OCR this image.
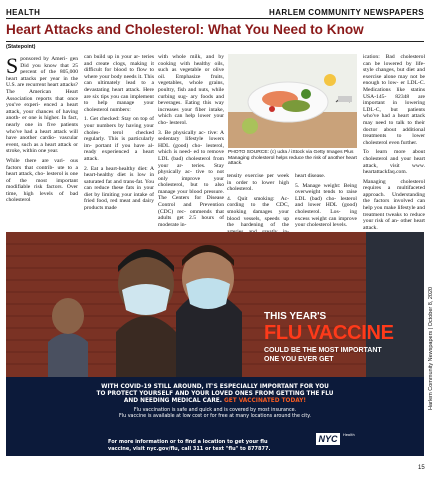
HEALTH	HARLEM COMMUNITY NEWSPAPERS
Heart Attacks and Cholesterol: What You Need to Know
(Statepoint)

Sponsored by Ameri- gen Did you know that 25 percent of the 805,000 heart attacks per year in the U.S. are recurrent heart attacks? The American Heart Association reports that once you've experi- enced a heart attack, your chances of having anoth- er one is higher. In fact, nearly one in five patients who've had a heart attack will have another cardio- vascular event, such as a heart attack or stroke, within one year.

While there are vari- ous factors that contrib- ute to a heart attack, cho- lesterol is one of the most important modifiable risk factors. Over time, high levels of bad cholesterol

can build up in your ar- teries and create clogs, making it difficult for blood to flow to where your body needs it. This can ultimately lead to a devastating heart attack. Here are six tips you can implement to help manage your cholesterol numbers:

1. Get checked: Stay on top of your numbers by having your choles- terol checked regularly. This is particularly im- portant if you have al- ready experienced a heart attack.

2. Eat a heart-healthy diet: A heart-healthy diet is low in saturated fat and trans-fat. You can reduce these fats in your diet by limiting your intake of fried food, red meat and dairy products made

with whole milk, and by cooking with healthy oils, such as vegetable or olive oil. Emphasize fruits, vegetables, whole grains, poultry, fish and nuts, while curbing sug- ary foods and beverages. Eating this way increases your fiber intake, which can help lower your cho- lesterol.

3. Be physically ac- tive: A sedentary lifestyle lowers HDL (good) cho- lesterol, which is need- ed to remove LDL (bad) cholesterol from your ar- teries. Stay physically ac- tive to not only improve your cholesterol, but to also manage your blood pressure. The Centers for Disease Control and Prevention (CDC) rec- ommends that adults get 2.5 hours of moderate in-

PHOTO SOURCE: (c) udra / iStock via Getty Images Plus Managing cholesterol helps reduce the risk of another heart attack.

tensity exercise per week in order to lower high cholesterol.

4. Quit smoking: Ac- cording to the CDC, smoking damages your blood vessels, speeds up the hardening of the

heart disease.

5. Manage weight: Being overweight tends to raise LDL (bad) cho- lesterol and lower HDL (good) cholesterol. Los- ing excess weight can improve your cholesterol levels.

ication: Bad cholesterol can be lowered by life- style changes, but diet and exercise alone may not be enough to low- er LDL-C. Medications like statins USA-145- 82348 are important in lowering LDL-C, but patients who've had a heart attack may need to talk to their doctor about additional treatments to lower cholesterol even further.

To learn more about cholesterol and your heart attack, visit www. heartattackfaq.com.

Managing cholesterol requires a multifaceted approach. Understanding the factors involved can help you make lifestyle and treatment tweaks to reduce your risk of an- other heart attack.

THIS YEAR'S
FLU VACCINE
COULD BE THE MOST IMPORTANT ONE YOU EVER GET
WITH COVID-19 STILL AROUND, IT'S ESPECIALLY IMPORTANT FOR YOU
TO PROTECT YOURSELF AND YOUR LOVED ONES FROM GETTING THE FLU
AND NEEDING MEDICAL CARE. GET VACCINATED TODAY!
Flu vaccination is safe and quick and is covered by most insurance.
Flu vaccine is available at low cost or for free at many locations around the city.
For more information or to find a location to get your flu
vaccine, visit nyc.gov/flu, call 311 or text "flu" to 877877.
NYC	Health
Harlem Community Newspapers | October 8, 2020
15
